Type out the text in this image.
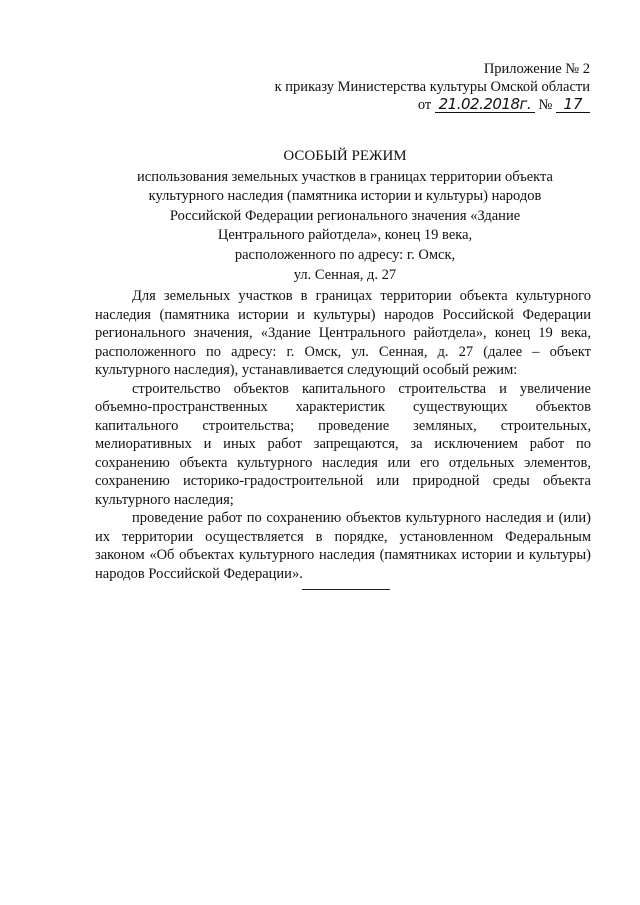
Приложение № 2
к приказу Министерства культуры Омской области
от 21.02.2018г. № 17
ОСОБЫЙ РЕЖИМ
использования земельных участков в границах территории объекта
культурного наследия (памятника истории и культуры) народов
Российской Федерации регионального значения «Здание
Центрального райотдела», конец 19 века,
расположенного по адресу: г. Омск,
ул. Сенная, д. 27

Для земельных участков в границах территории объекта культурного наследия (памятника истории и культуры) народов Российской Федерации регионального значения, «Здание Центрального райотдела», конец 19 века, расположенного по адресу: г. Омск, ул. Сенная, д. 27 (далее – объект культурного наследия), устанавливается следующий особый режим:

строительство объектов капитального строительства и увеличение объемно-пространственных характеристик существующих объектов капитального строительства; проведение земляных, строительных, мелиоративных и иных работ запрещаются, за исключением работ по сохранению объекта культурного наследия или его отдельных элементов, сохранению историко-градостроительной или природной среды объекта культурного наследия;

проведение работ по сохранению объектов культурного наследия и (или) их территории осуществляется в порядке, установленном Федеральным законом «Об объектах культурного наследия (памятниках истории и культуры) народов Российской Федерации».
